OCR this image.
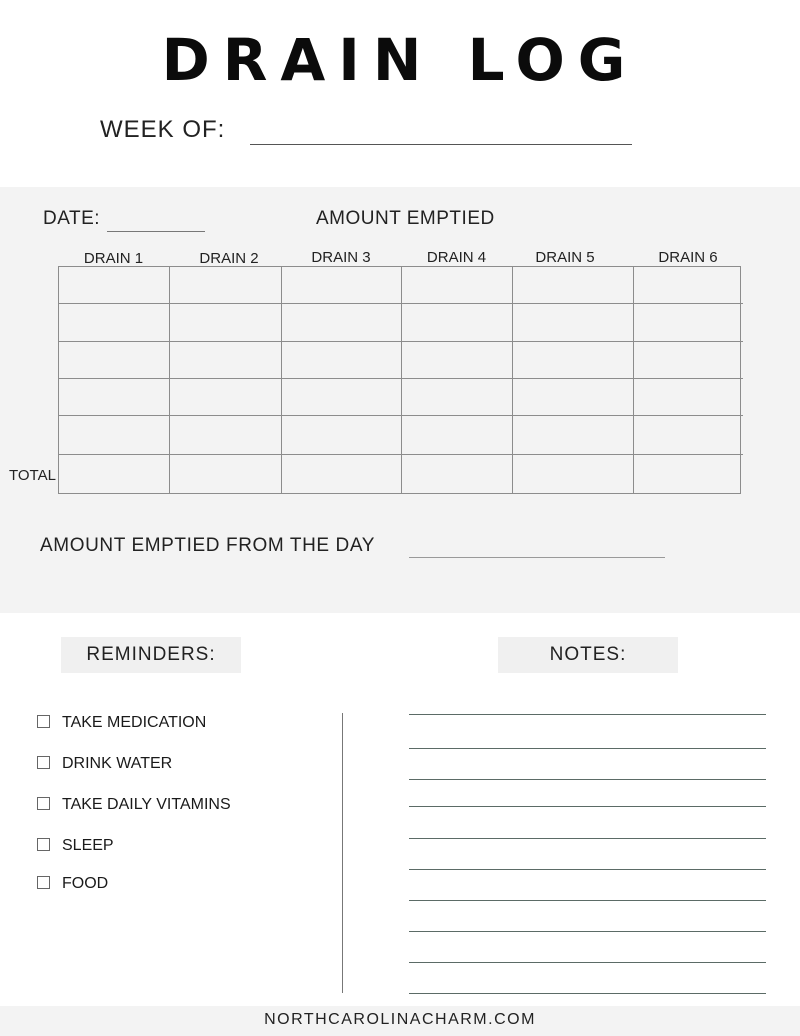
DRAIN LOG
WEEK OF:
DATE:	AMOUNT EMPTIED
DRAIN 1	DRAIN 2	DRAIN 3	DRAIN 4	DRAIN 5	DRAIN 6
TOTAL
AMOUNT EMPTIED FROM THE DAY
REMINDERS:
TAKE MEDICATION
DRINK WATER
TAKE DAILY VITAMINS
SLEEP
FOOD
NOTES:
NORTHCAROLINACHARM.COM
